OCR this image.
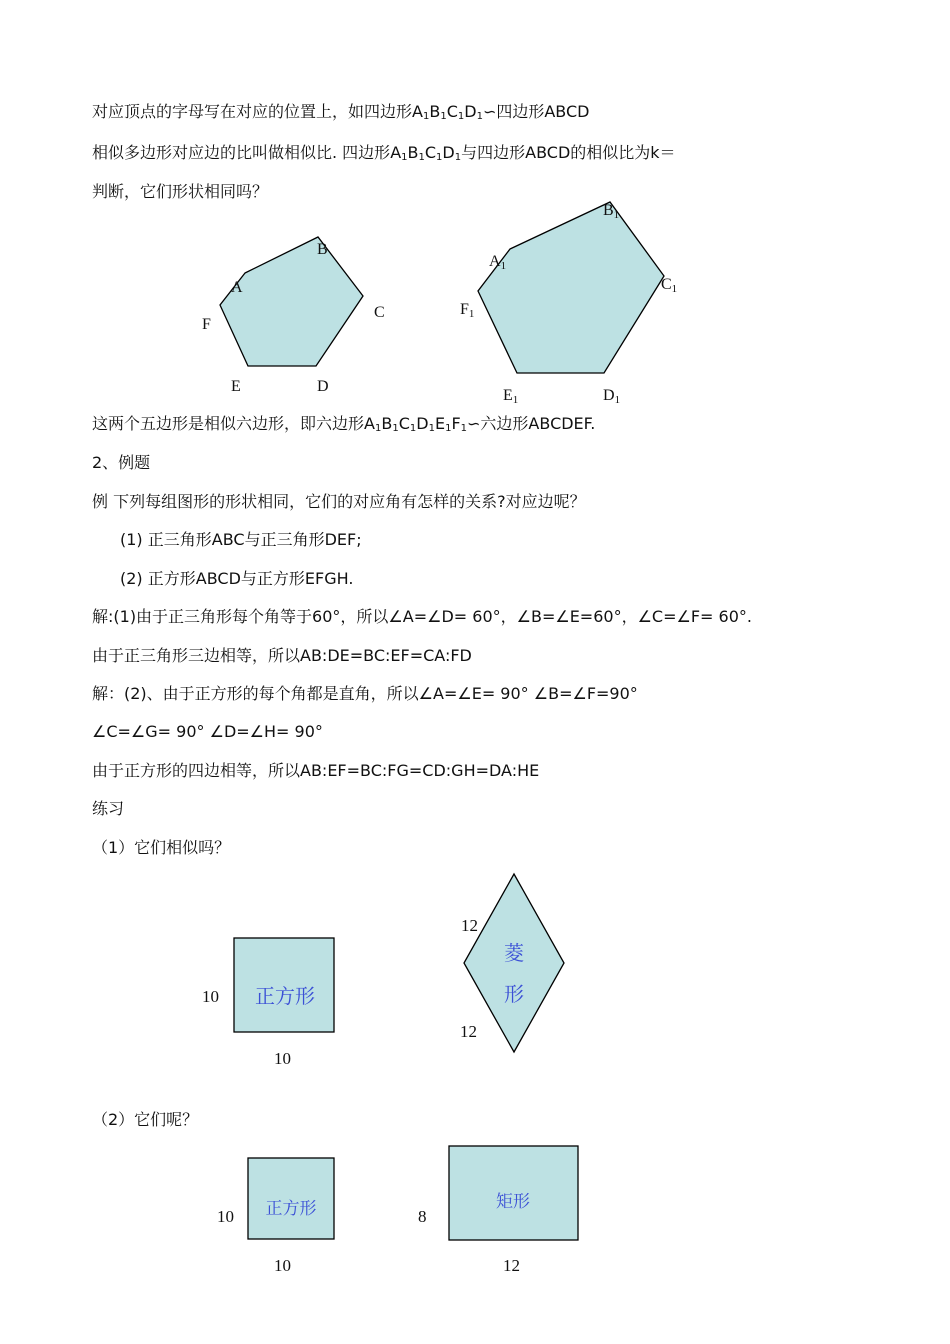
对应顶点的字母写在对应的位置上，如四边形$A_1B_1C_1D_1∽$四边形ABCD
相似多边形对应边的比叫做相似比. 四边形$A_1B_1C_1D_1$与四边形ABCD的相似比为k＝
判断，它们形状相同吗？
A
B
C
D
E
F
A1
B1
C1
D1
E1
F1
这两个五边形是相似六边形，即六边形$A_1B_1C_1D_1E_1F_1∽$六边形ABCDEF.
2、例题
例 下列每组图形的形状相同，它们的对应角有怎样的关系?对应边呢？
(1) 正三角形ABC与正三角形DEF;
(2) 正方形ABCD与正方形EFGH.
解:(1)由于正三角形每个角等于60°，所以∠A=∠D= 60°，∠B=∠E=60°，∠C=∠F= 60°.
由于正三角形三边相等，所以AB:DE=BC:EF=CA:FD
解：(2)、由于正方形的每个角都是直角，所以∠A=∠E= 90° ∠B=∠F=90°
∠C=∠G= 90° ∠D=∠H= 90°
由于正方形的四边相等，所以AB:EF=BC:FG=CD:GH=DA:HE
练习
（1）它们相似吗？
正方形
10
10
菱
形
12
12
（2）它们呢？
正方形
10
10
矩形
8
12
